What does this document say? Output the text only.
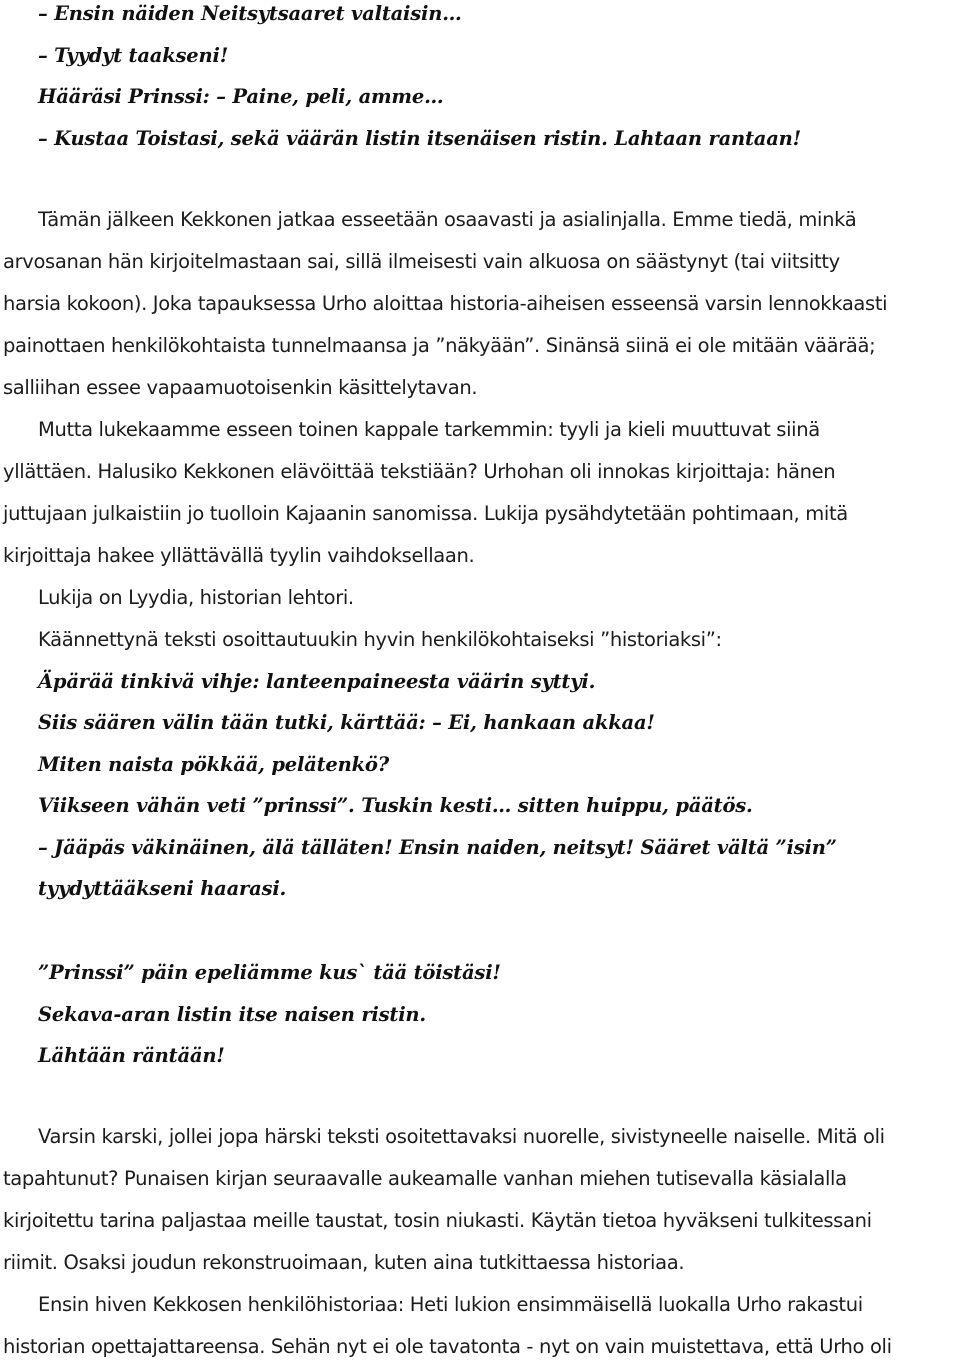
– Ensin näiden Neitsytsaaret valtaisin…

– Tyydyt taakseni!

Hääräsi Prinssi: – Paine, peli, amme…

– Kustaa Toistasi, sekä väärän listin itsenäisen ristin. Lahtaan rantaan!

Tämän jälkeen Kekkonen jatkaa esseetään osaavasti ja asialinjalla. Emme tiedä, minkä

arvosanan hän kirjoitelmastaan sai, sillä ilmeisesti vain alkuosa on säästynyt (tai viitsitty

harsia kokoon). Joka tapauksessa Urho aloittaa historia-aiheisen esseensä varsin lennokkaasti

painottaen henkilökohtaista tunnelmaansa ja ”näkyään”. Sinänsä siinä ei ole mitään väärää;

salliihan essee vapaamuotoisenkin käsittelytavan.

Mutta lukekaamme esseen toinen kappale tarkemmin: tyyli ja kieli muuttuvat siinä

yllättäen. Halusiko Kekkonen elävöittää tekstiään? Urhohan oli innokas kirjoittaja: hänen

juttujaan julkaistiin jo tuolloin Kajaanin sanomissa. Lukija pysähdytetään pohtimaan, mitä

kirjoittaja hakee yllättävällä tyylin vaihdoksellaan.

Lukija on Lyydia, historian lehtori.

Käännettynä teksti osoittautuukin hyvin henkilökohtaiseksi ”historiaksi”:

Äpärää tinkivä vihje: lanteenpaineesta väärin syttyi.

Siis säären välin tään tutki, kärttää: – Ei, hankaan akkaa!

Miten naista pökkää, pelätenkö?

Viikseen vähän veti ”prinssi”. Tuskin kesti… sitten huippu, päätös.

– Jääpäs väkinäinen, älä tälläten! Ensin naiden, neitsyt! Sääret vältä ”isin”

tyydyttääkseni haarasi.

”Prinssi” päin epeliämme kus` tää töistäsi!

Sekava-aran listin itse naisen ristin.

Lähtään räntään!

Varsin karski, jollei jopa härski teksti osoitettavaksi nuorelle, sivistyneelle naiselle. Mitä oli

tapahtunut? Punaisen kirjan seuraavalle aukeamalle vanhan miehen tutisevalla käsialalla

kirjoitettu tarina paljastaa meille taustat, tosin niukasti. Käytän tietoa hyväkseni tulkitessani

riimit. Osaksi joudun rekonstruoimaan, kuten aina tutkittaessa historiaa.

Ensin hiven Kekkosen henkilöhistoriaa: Heti lukion ensimmäisellä luokalla Urho rakastui

historian opettajattareensa. Sehän nyt ei ole tavatonta - nyt on vain muistettava, että Urho oli
